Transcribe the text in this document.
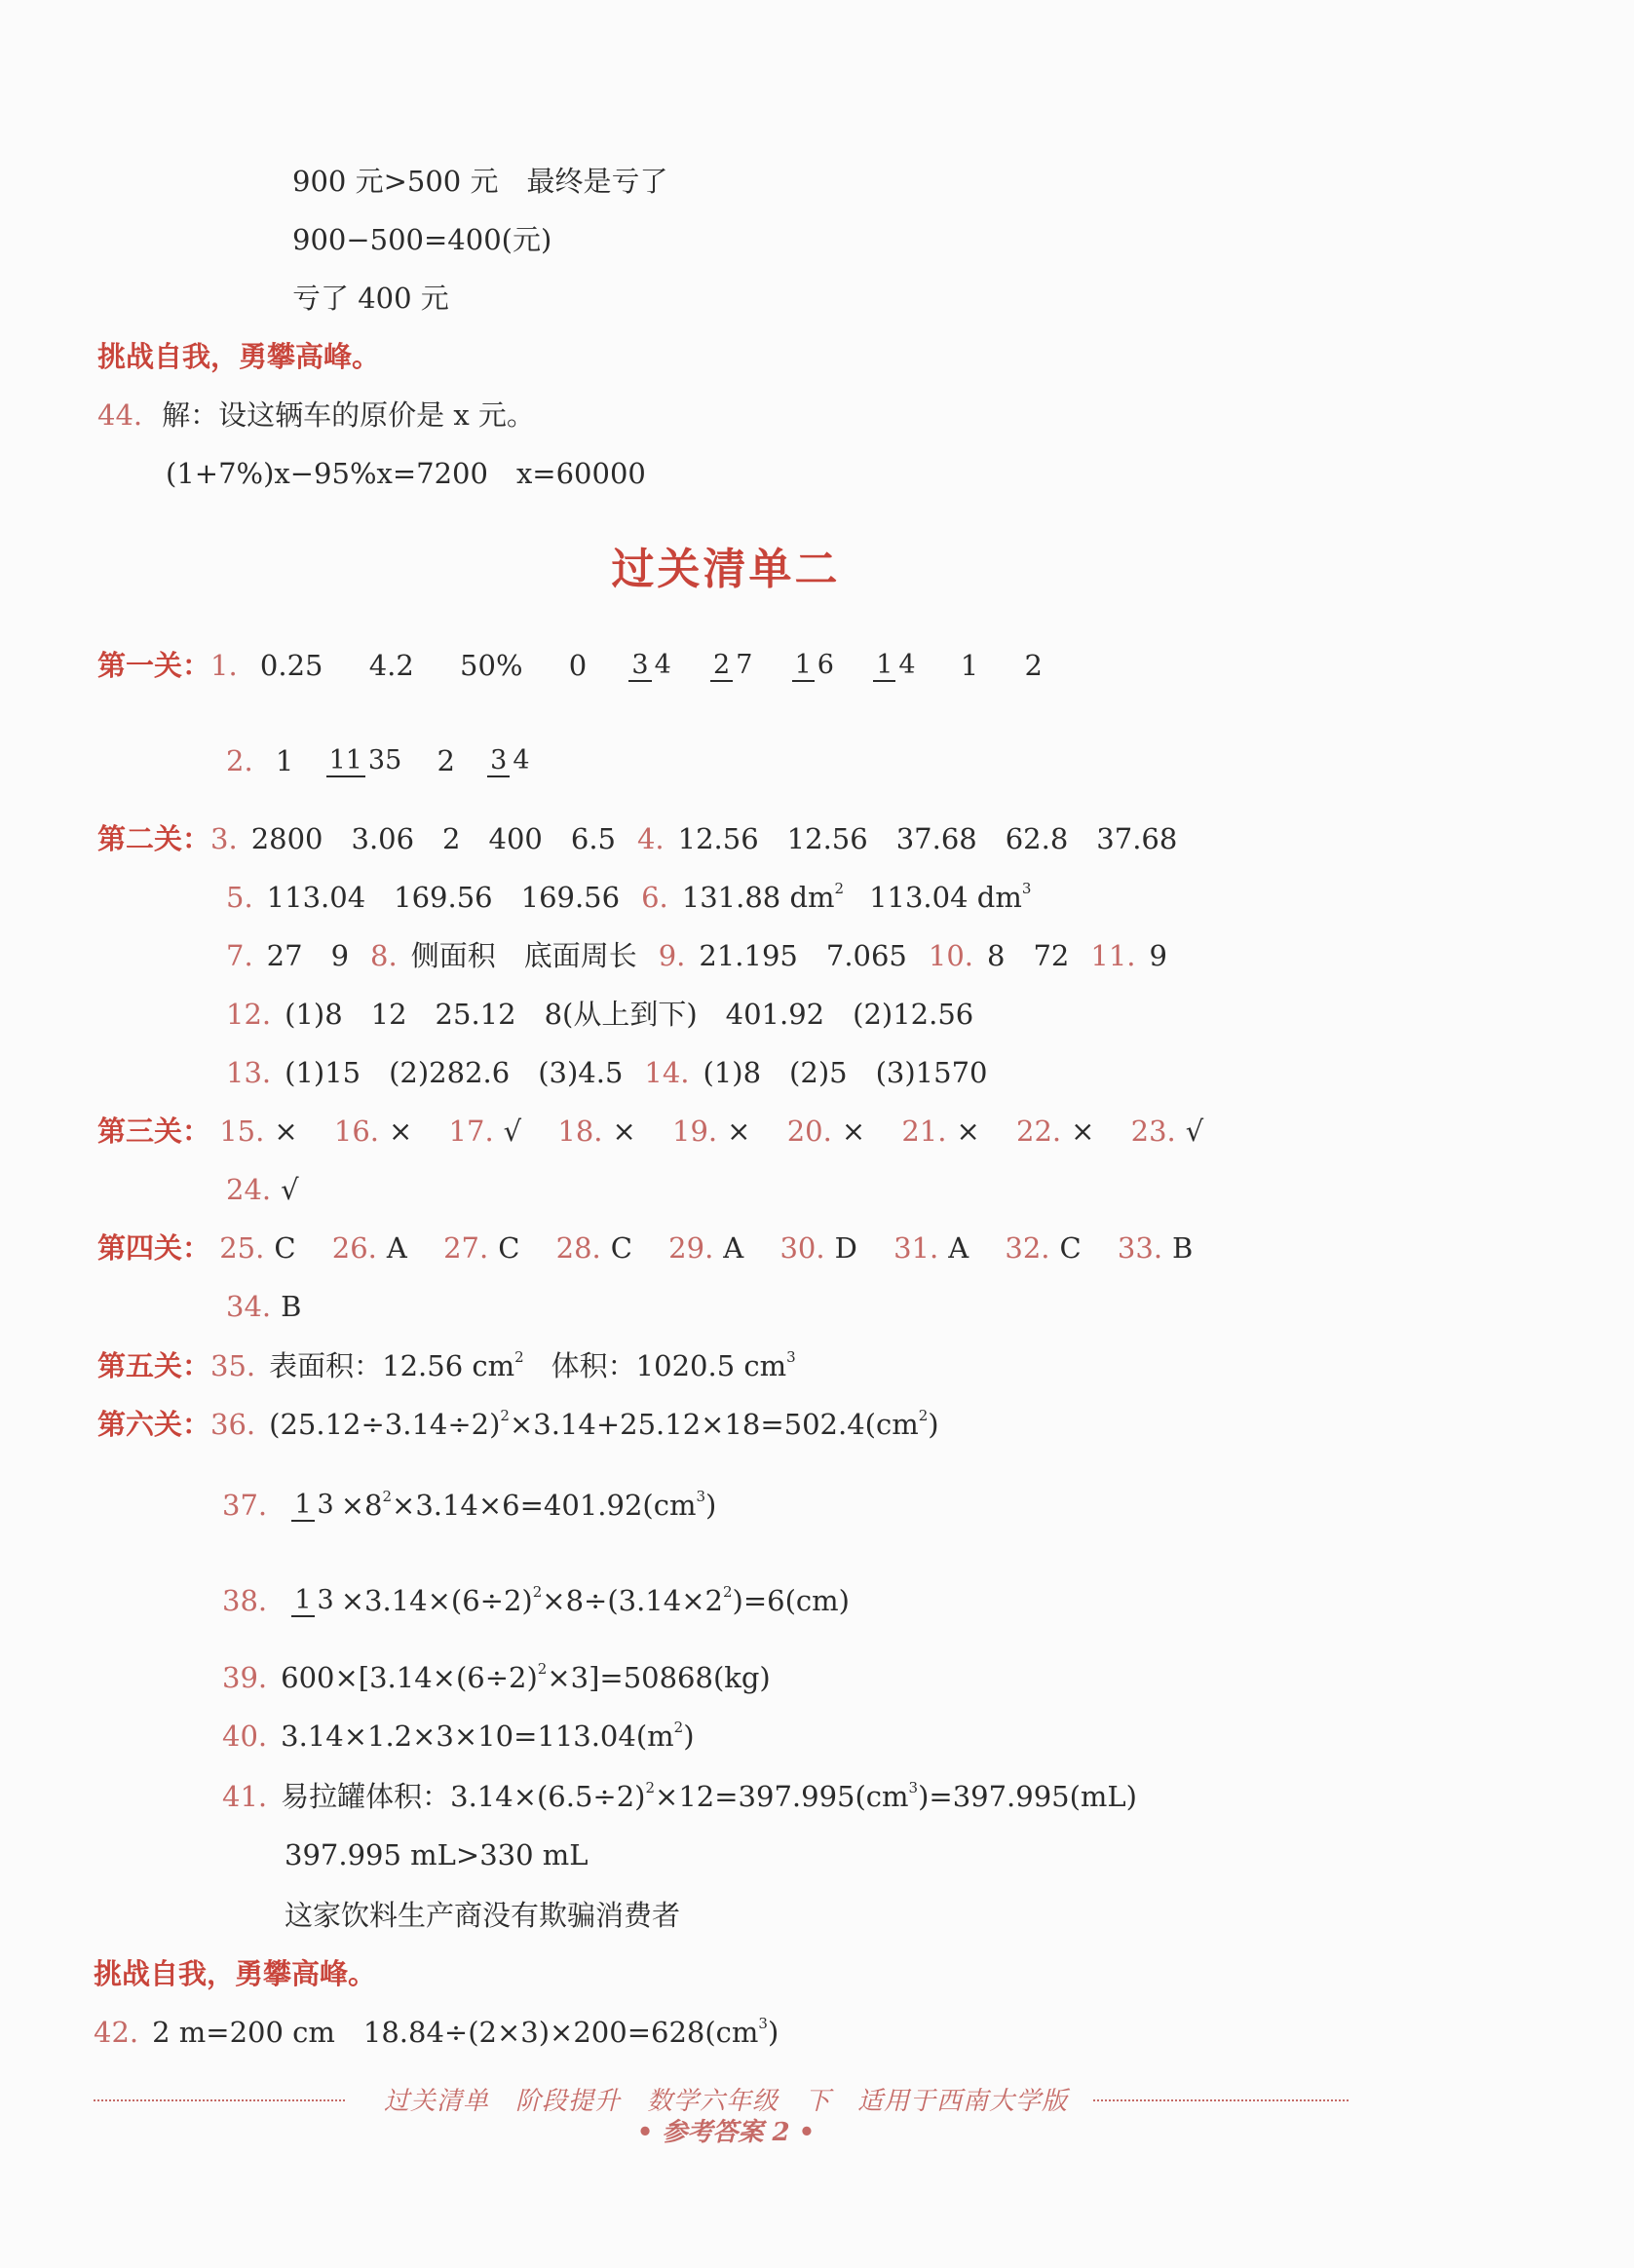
900 元>500 元　最终是亏了
900−500=400(元)
亏了 400 元
挑战自我，勇攀高峰。
44. 解：设这辆车的原价是 x 元。
(1+7%)x−95%x=7200　x=60000
过关清单二
第一关：1. 0.25 4.2 50% 0 3 4 2 7 1 6 1 4 1 2
2. 1 11 35 2 3 4
第二关：3. 2800　3.06　2　400　6.5 4. 12.56　12.56　37.68　62.8　37.68
5. 113.04　169.56　169.56 6. 131.88 $dm^2$ 113.04 $dm^3$
7. 27　9 8. 侧面积　底面周长 9. 21.195　7.065 10. 8　72 11. 9
12. (1)8　12　25.12　8(从上到下)　401.92　(2)12.56
13. (1)15　(2)282.6　(3)4.5 14. (1)8　(2)5　(3)1570
第三关： 15. × 16. × 17. √ 18. × 19. × 20. × 21. × 22. × 23. √
24. √
第四关： 25. C 26. A 27. C 28. C 29. A 30. D 31. A 32. C 33. B
34. B
第五关：35. 表面积：12.56 $cm^2$ 体积：1020.5 $cm^3$
第六关：36. $(25.12\div 3.14\div 2)^2\times 3.14+25.12\times 18=502.4(cm^2)$
37. 1 $3 \times 8^2\times 3.14\times 6=401.92(cm^3)$
38. 1 $3 \times 3.14\times(6\div 2)^2\times 8\div(3.14\times 2^2)=6(cm)$
39. $600\times[3.14\times(6\div 2)^2\times 3]=50868(kg)$
40. $3.14\times 1.2\times 3\times 10=113.04(m^2)$
41. 易拉罐体积：$3.14\times(6.5\div 2)^2\times 12=397.995(cm^3)=397.995(mL)$
397.995 mL>330 mL
这家饮料生产商没有欺骗消费者
挑战自我，勇攀高峰。
42. 2 m=200 cm　$18.84\div(2\times 3)\times 200=628(cm^3)$
过关清单　阶段提升　数学六年级　下　适用于西南大学版
• 参考答案 2 •
